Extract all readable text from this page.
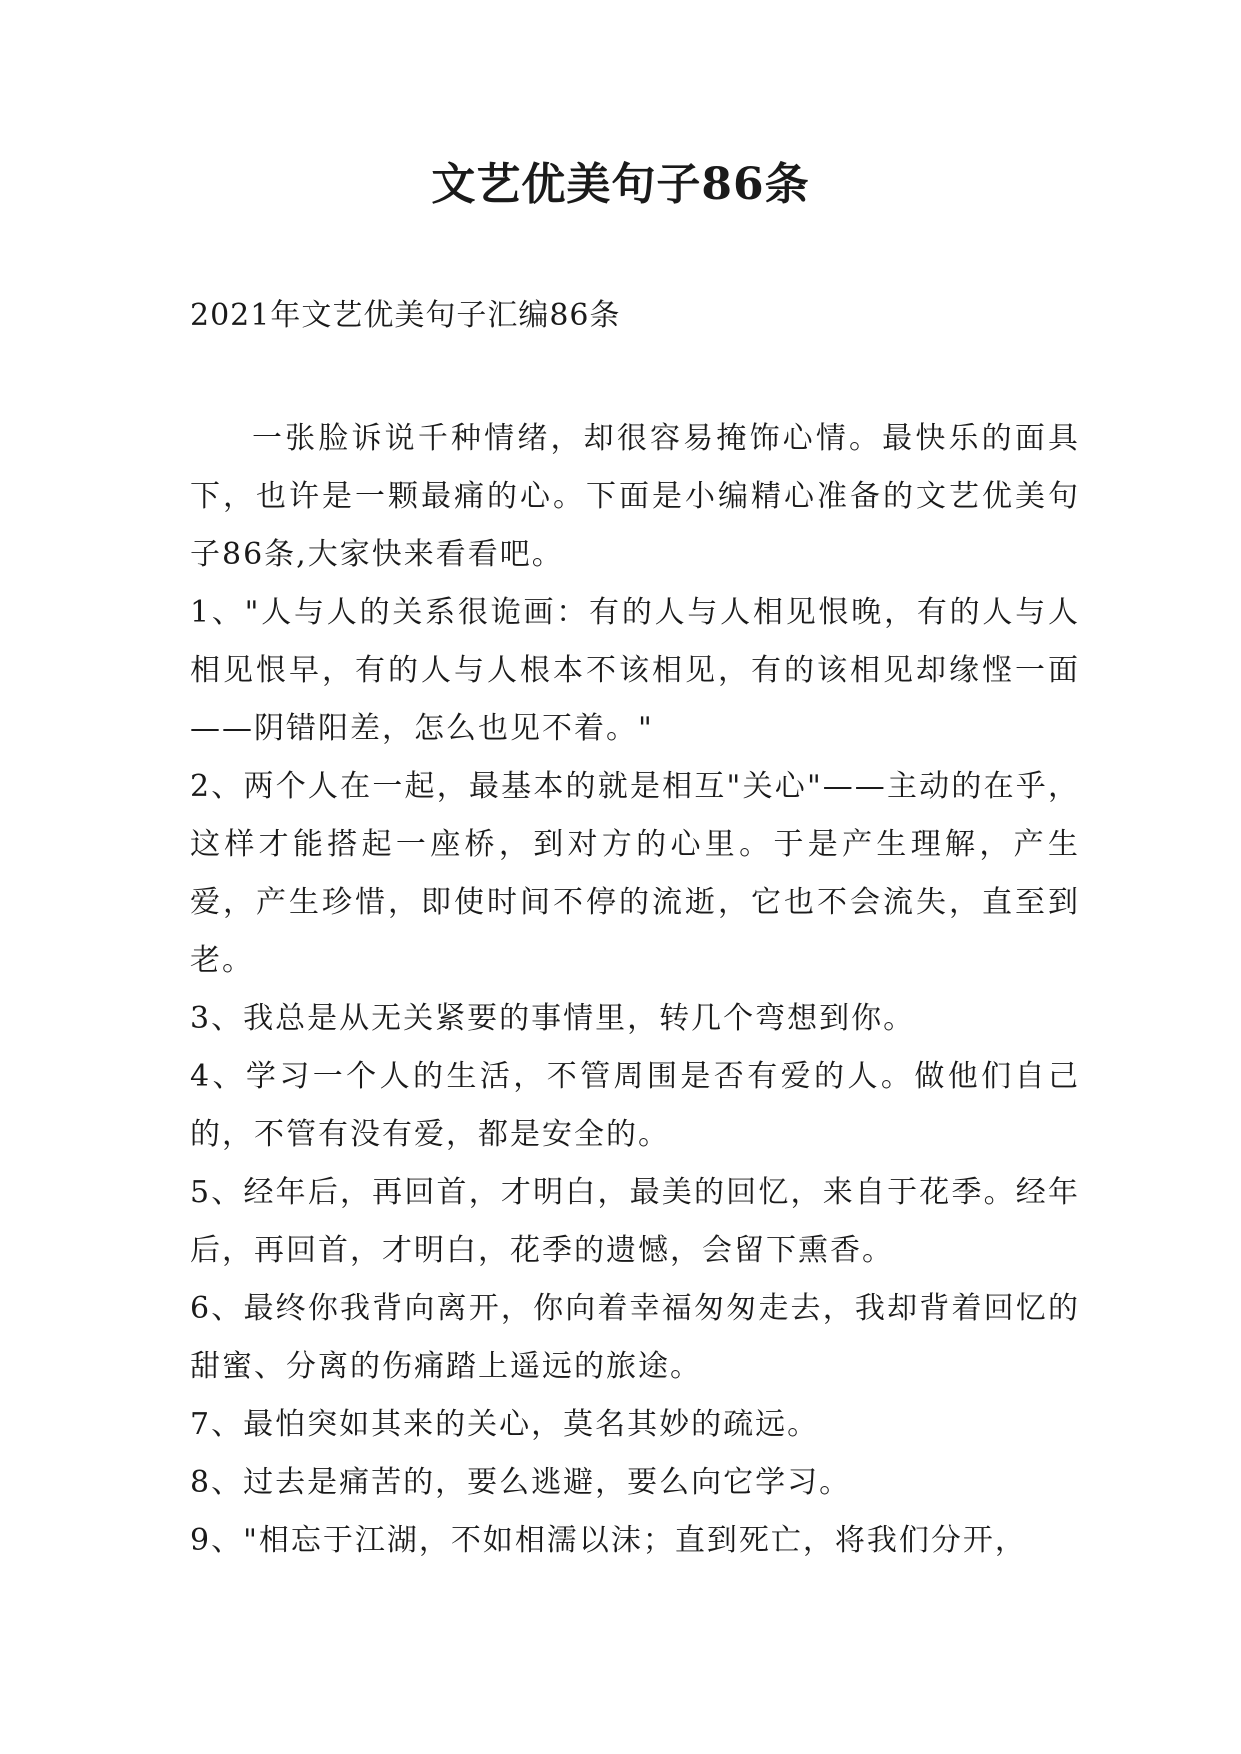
文艺优美句子86条

2021年文艺优美句子汇编86条

一张脸诉说千种情绪，却很容易掩饰心情。最快乐的面具下，也许是一颗最痛的心。下面是小编精心准备的文艺优美句子86条,大家快来看看吧。

1、"人与人的关系很诡画：有的人与人相见恨晚，有的人与人相见恨早，有的人与人根本不该相见，有的该相见却缘悭一面——阴错阳差，怎么也见不着。"

2、两个人在一起，最基本的就是相互"关心"——主动的在乎，这样才能搭起一座桥，到对方的心里。于是产生理解，产生爱，产生珍惜，即使时间不停的流逝，它也不会流失，直至到老。

3、我总是从无关紧要的事情里，转几个弯想到你。

4、学习一个人的生活，不管周围是否有爱的人。做他们自己的，不管有没有爱，都是安全的。

5、经年后，再回首，才明白，最美的回忆，来自于花季。经年后，再回首，才明白，花季的遗憾，会留下熏香。

6、最终你我背向离开，你向着幸福匆匆走去，我却背着回忆的甜蜜、分离的伤痛踏上遥远的旅途。

7、最怕突如其来的关心，莫名其妙的疏远。

8、过去是痛苦的，要么逃避，要么向它学习。

9、"相忘于江湖，不如相濡以沫；直到死亡，将我们分开，
